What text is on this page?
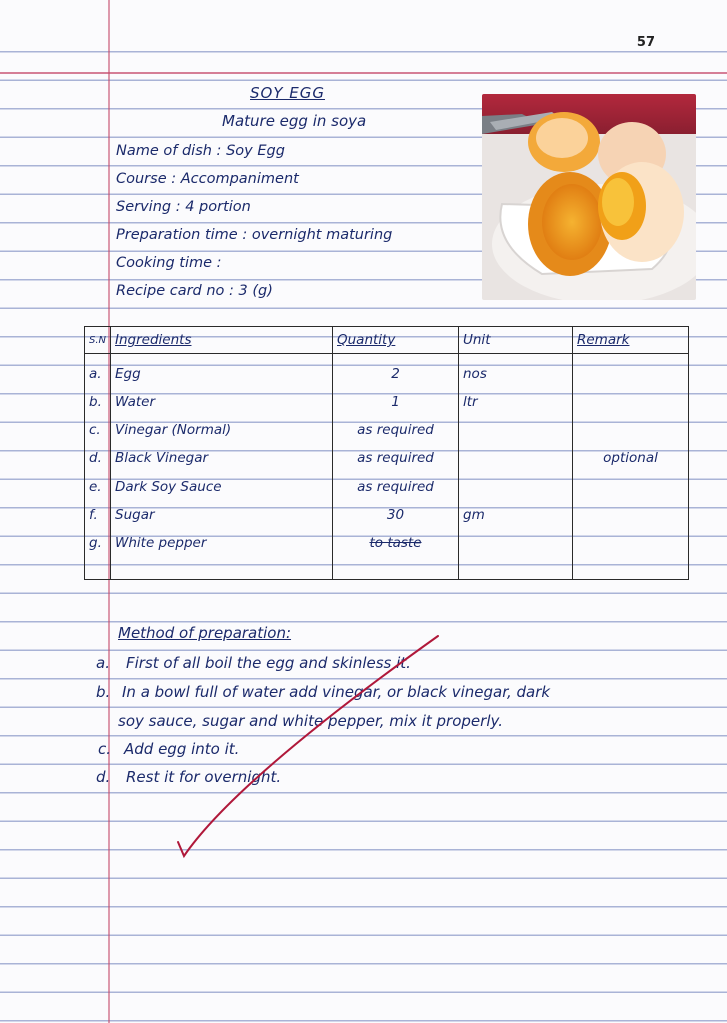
57
SOY EGG
Mature egg in soya
Name of dish : Soy Egg
Course : Accompaniment
Serving : 4 portion
Preparation time : overnight maturing
Cooking time :
Recipe card no : 3 (g)
S.N	Ingredients	Quantity	Unit	Remark
a.	Egg	2	nos	
b.	Water	1	ltr	
c.	Vinegar (Normal)	as required		
d.	Black Vinegar	as required		optional
e.	Dark Soy Sauce	as required		
f.	Sugar	30	gm	
g.	White pepper	to taste		

Method of preparation:
a. First of all boil the egg and skinless it.
b. In a bowl full of water add vinegar, or black vinegar, dark
soy sauce, sugar and white pepper, mix it properly.
c. Add egg into it.
d. Rest it for overnight.
